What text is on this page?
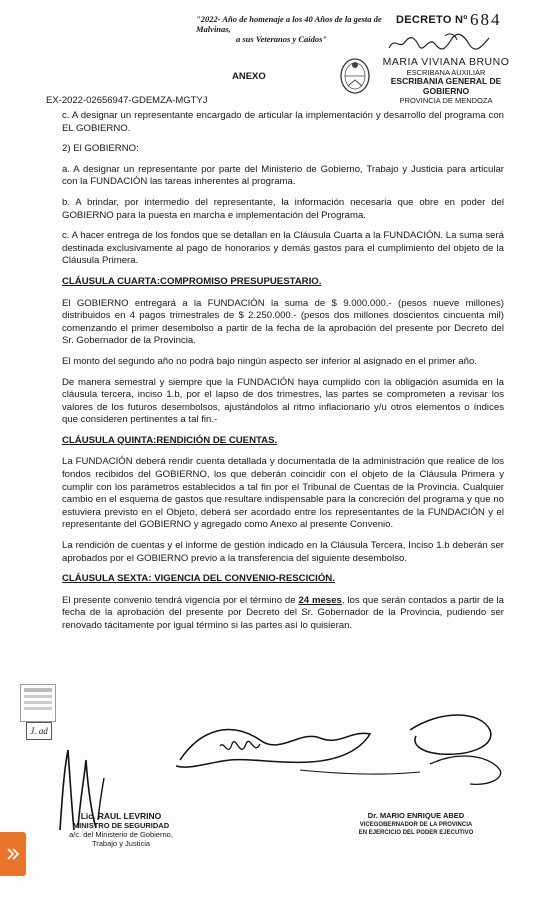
"2022- Año de homenaje a los 40 Años de la gesta de Malvinas,
a sus Veteranos y Caídos"
DECRETO Nº 684
MARIA VIVIANA BRUNO
ESCRIBANA AUXILIAR
ESCRIBANIA GENERAL DE GOBIERNO
PROVINCIA DE MENDOZA
ANEXO
EX-2022-02656947-GDEMZA-MGTYJ

c. A designar un representante encargado de articular la implementación y desarrollo del programa con EL GOBIERNO.

2) El GOBIERNO:

a. A designar un representante por parte del Ministerio de Gobierno, Trabajo y Justicia para articular con la FUNDACIÓN las tareas inherentes al programa.

b. A brindar, por intermedio del representante, la información necesaria que obre en poder del GOBIERNO para la puesta en marcha e implementación del Programa.

c. A hacer entrega de los fondos que se detallan en la Cláusula Cuarta a la FUNDACIÓN. La suma será destinada exclusivamente al pago de honorarios y demás gastos para el cumplimiento del objeto de la Cláusula Primera.

CLÁUSULA CUARTA:COMPROMISO PRESUPUESTARIO.

El GOBIERNO entregará a la FUNDACIÓN la suma de $ 9.000.000.- (pesos nueve millones) distribuidos en 4 pagos trimestrales de $ 2.250.000.- (pesos dos millones doscientos cincuenta mil) comenzando el primer desembolso a partir de la fecha de la aprobación del presente por Decreto del Sr. Gobernador de la Provincia.

El monto del segundo año no podrá bajo ningún aspecto ser inferior al asignado en el primer año.

De manera semestral y siempre que la FUNDACIÓN haya cumplido con la obligación asumida en la cláusula tercera, inciso 1.b, por el lapso de dos trimestres, las partes se comprometen a revisar los valores de los futuros desembolsos, ajustándolos al ritmo inflacionario y/u otros elementos o índices que consideren pertinentes a tal fin.-

CLÁUSULA QUINTA:RENDICIÓN DE CUENTAS.

La FUNDACIÓN deberá rendir cuenta detallada y documentada de la administración que realice de los fondos recibidos del GOBIERNO, los que deberán coincidir con el objeto de la Cláusula Primera y cumplir con los parámetros establecidos a tal fin por el Tribunal de Cuentas de la Provincia. Cualquier cambio en el esquema de gastos que resultare indispensable para la concreción del programa y que no estuviera previsto en el Objeto, deberá ser acordado entre los representantes de la FUNDACIÓN y el representante del GOBIERNO y agregado como Anexo al presente Convenio.

La rendición de cuentas y el informe de gestión indicado en la Cláusula Tercera, Inciso 1.b deberán ser aprobados por el GOBIERNO previo a la transferencia del siguiente desembolso.

CLÁUSULA SEXTA: VIGENCIA DEL CONVENIO-RESCICIÓN.

El presente convenio tendrá vigencia por el término de 24 meses, los que serán contados a partir de la fecha de la aprobación del presente por Decreto del Sr. Gobernador de la Provincia, pudiendo ser renovado tácitamente por igual término si las partes así lo quisieran.

J. ad
Lic. RAUL LEVRINO
MINISTRO DE SEGURIDAD
a/c. del Ministerio de Gobierno,
Trabajo y Justicia
Dr. MARIO ENRIQUE ABED
VICEGOBERNADOR DE LA PROVINCIA
EN EJERCICIO DEL PODER EJECUTIVO
